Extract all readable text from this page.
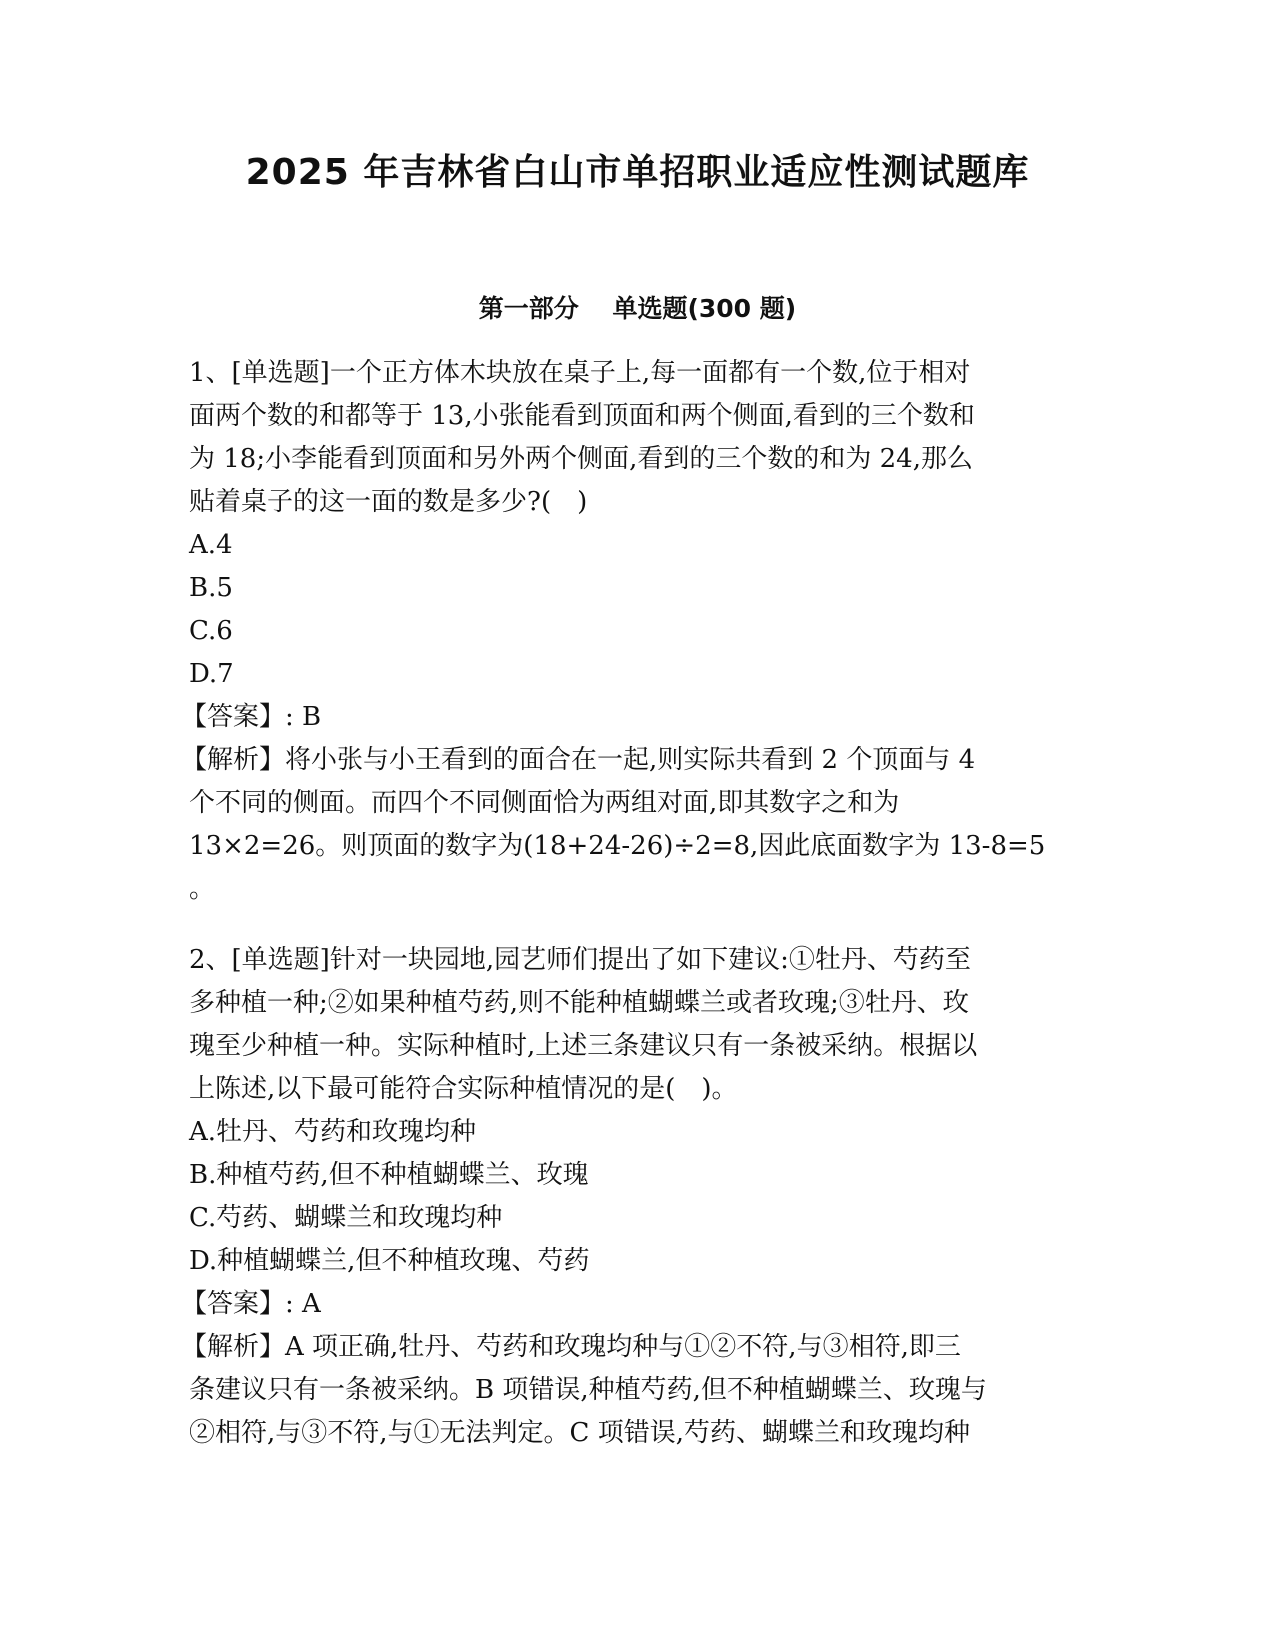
2025 年吉林省白山市单招职业适应性测试题库
第一部分　 单选题(300 题)
1、[单选题]一个正方体木块放在桌子上,每一面都有一个数,位于相对
面两个数的和都等于 13,小张能看到顶面和两个侧面,看到的三个数和
为 18;小李能看到顶面和另外两个侧面,看到的三个数的和为 24,那么
贴着桌子的这一面的数是多少?(　)
A.4
B.5
C.6
D.7
【答案】: B
【解析】将小张与小王看到的面合在一起,则实际共看到 2 个顶面与 4
个不同的侧面。而四个不同侧面恰为两组对面,即其数字之和为
13×2=26。则顶面的数字为(18+24-26)÷2=8,因此底面数字为 13-8=5
。
2、[单选题]针对一块园地,园艺师们提出了如下建议:①牡丹、芍药至
多种植一种;②如果种植芍药,则不能种植蝴蝶兰或者玫瑰;③牡丹、玫
瑰至少种植一种。实际种植时,上述三条建议只有一条被采纳。根据以
上陈述,以下最可能符合实际种植情况的是(　)。
A.牡丹、芍药和玫瑰均种
B.种植芍药,但不种植蝴蝶兰、玫瑰
C.芍药、蝴蝶兰和玫瑰均种
D.种植蝴蝶兰,但不种植玫瑰、芍药
【答案】: A
【解析】A 项正确,牡丹、芍药和玫瑰均种与①②不符,与③相符,即三
条建议只有一条被采纳。B 项错误,种植芍药,但不种植蝴蝶兰、玫瑰与
②相符,与③不符,与①无法判定。C 项错误,芍药、蝴蝶兰和玫瑰均种
